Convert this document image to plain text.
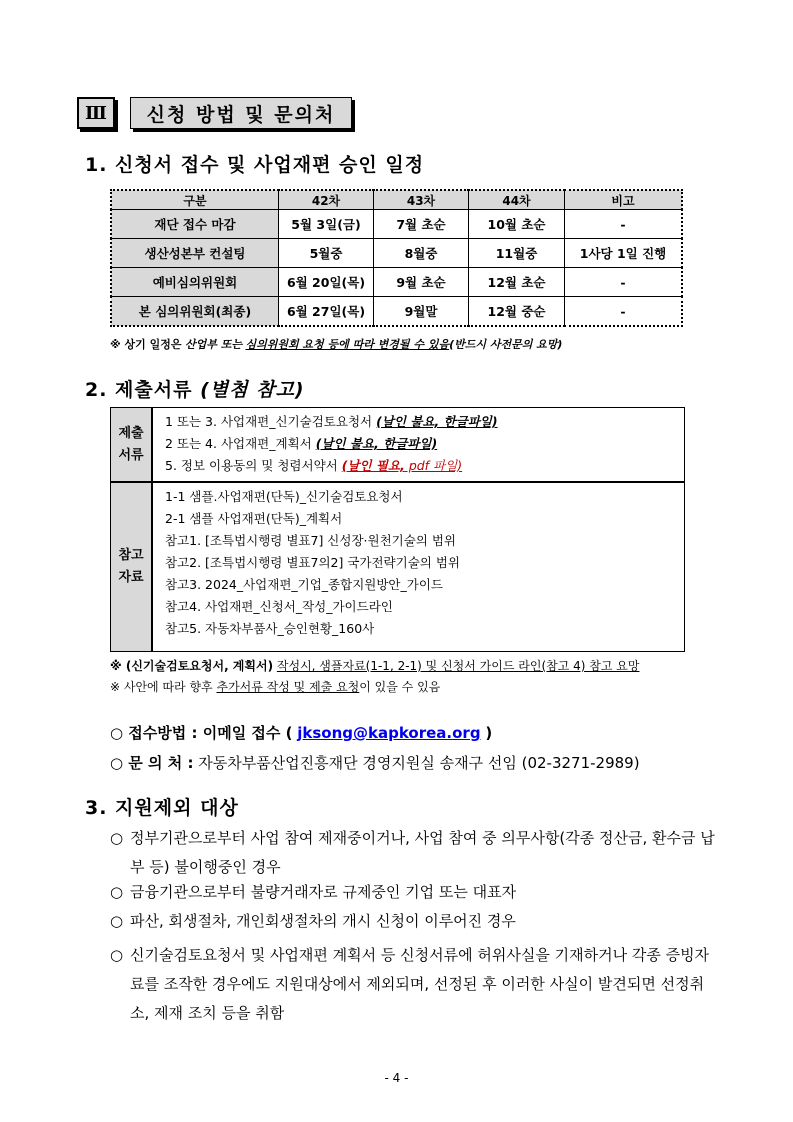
Ⅲ 신청 방법 및 문의처
1. 신청서 접수 및 사업재편 승인 일정
구분	42차	43차	44차	비고
재단 접수 마감	5월 3일(금)	7월 초순	10월 초순	-
생산성본부 컨설팅	5월중	8월중	11월중	1사당 1일 진행
예비심의위원회	6월 20일(목)	9월 초순	12월 초순	-
본 심의위원회(최종)	6월 27일(목)	9월말	12월 중순	-
※ 상기 일정은 산업부 또는 심의위원회 요청 등에 따라 변경될 수 있음(반드시 사전문의 요망)
2. 제출서류 (별첨 참고)
제출
서류
1 또는 3. 사업재편_신기술검토요청서 (날인 불요, 한글파일)
2 또는 4. 사업재편_계획서 (날인 불요, 한글파일)
5. 정보 이용동의 및 청렴서약서 (날인 필요, pdf 파일)
참고
자료
1-1 샘플.사업재편(단독)_신기술검토요청서
2-1 샘플 사업재편(단독)_계획서
참고1. [조특법시행령 별표7] 신성장·원천기술의 범위
참고2. [조특법시행령 별표7의2] 국가전략기술의 범위
참고3. 2024_사업재편_기업_종합지원방안_가이드
참고4. 사업재편_신청서_작성_가이드라인
참고5. 자동차부품사_승인현황_160사
※ (신기술검토요청서, 계획서) 작성시, 샘플자료(1-1, 2-1) 및 신청서 가이드 라인(참고 4) 참고 요망
※ 사안에 따라 향후 추가서류 작성 및 제출 요청이 있을 수 있음
○ 접수방법 : 이메일 접수 ( jksong@kapkorea.org )
○ 문 의 처 : 자동차부품산업진흥재단 경영지원실 송재구 선임 (02-3271-2989)
3. 지원제외 대상
○ 정부기관으로부터 사업 참여 제재중이거나, 사업 참여 중 의무사항(각종 정산금, 환수금 납부 등) 불이행중인 경우
○ 금융기관으로부터 불량거래자로 규제중인 기업 또는 대표자
○ 파산, 회생절차, 개인회생절차의 개시 신청이 이루어진 경우
○ 신기술검토요청서 및 사업재편 계획서 등 신청서류에 허위사실을 기재하거나 각종 증빙자료를 조작한 경우에도 지원대상에서 제외되며, 선정된 후 이러한 사실이 발견되면 선정취소, 제재 조치 등을 취함
- 4 -
